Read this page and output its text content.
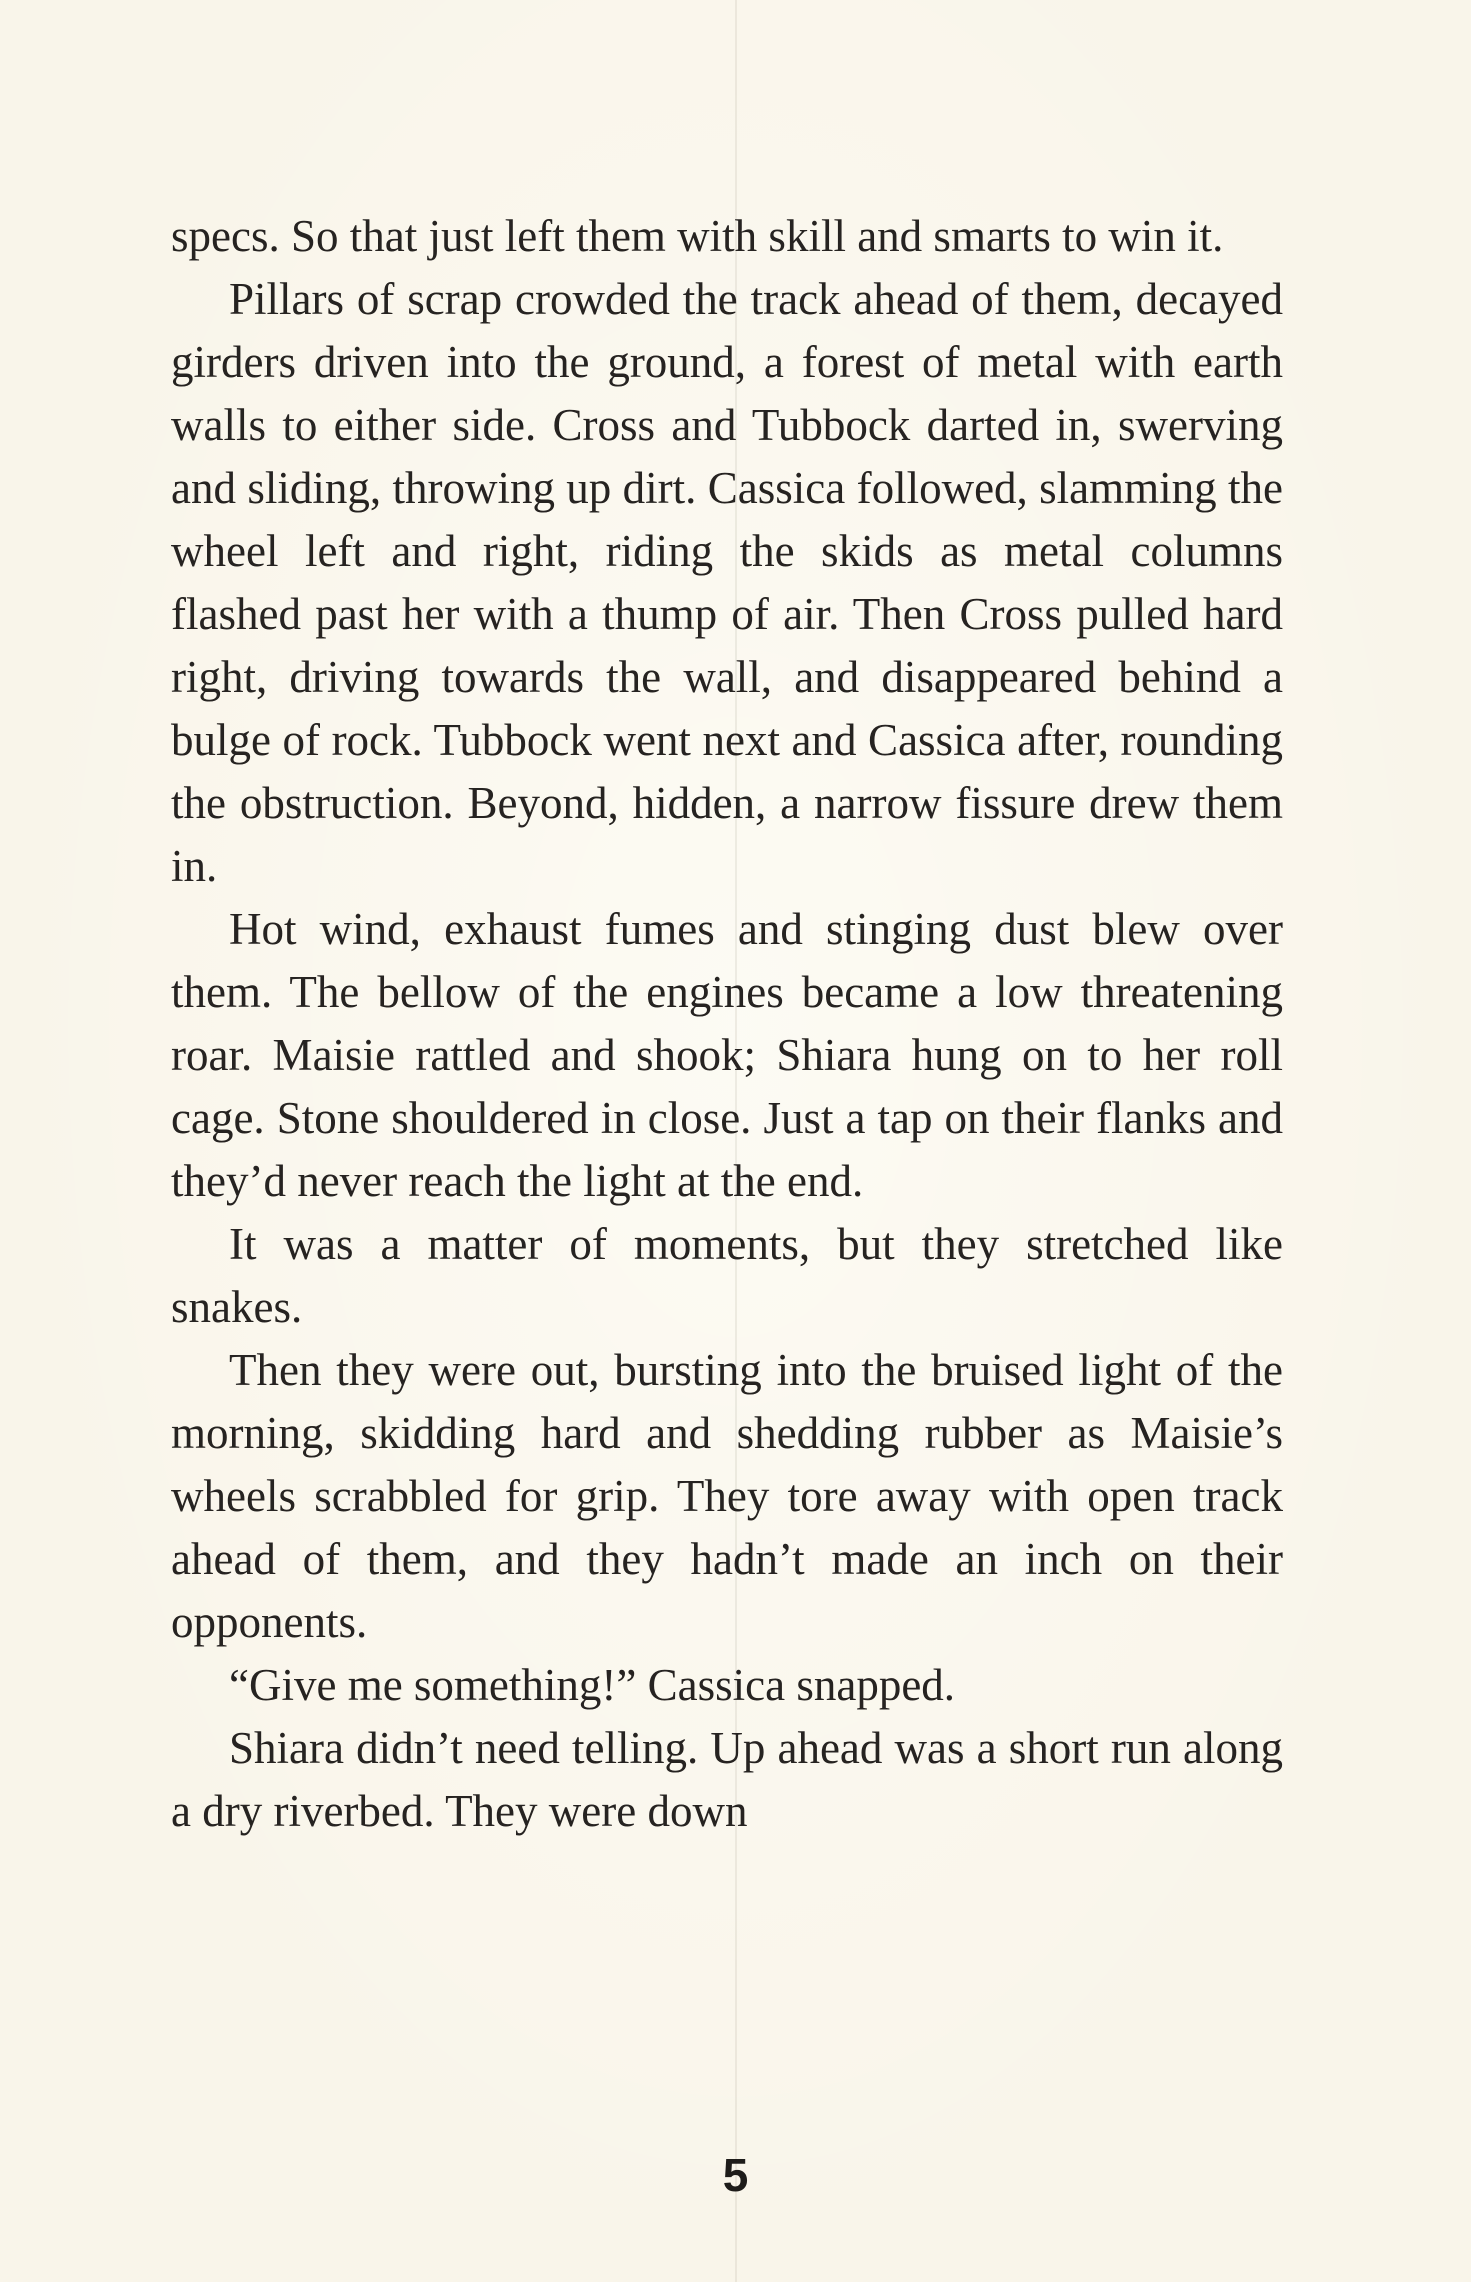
specs. So that just left them with skill and smarts to win it.

Pillars of scrap crowded the track ahead of them, decayed girders driven into the ground, a forest of metal with earth walls to either side. Cross and Tubbock darted in, swerving and sliding, throwing up dirt. Cassica followed, slamming the wheel left and right, riding the skids as metal columns flashed past her with a thump of air. Then Cross pulled hard right, driving towards the wall, and disappeared behind a bulge of rock. Tubbock went next and Cassica after, rounding the obstruction. Beyond, hidden, a narrow fissure drew them in.

Hot wind, exhaust fumes and stinging dust blew over them. The bellow of the engines became a low threatening roar. Maisie rattled and shook; Shiara hung on to her roll cage. Stone shouldered in close. Just a tap on their flanks and they’d never reach the light at the end.

It was a matter of moments, but they stretched like snakes.

Then they were out, bursting into the bruised light of the morning, skidding hard and shedding rubber as Maisie’s wheels scrabbled for grip. They tore away with open track ahead of them, and they hadn’t made an inch on their opponents.

“Give me something!” Cassica snapped.

Shiara didn’t need telling. Up ahead was a short run along a dry riverbed. They were down

5
